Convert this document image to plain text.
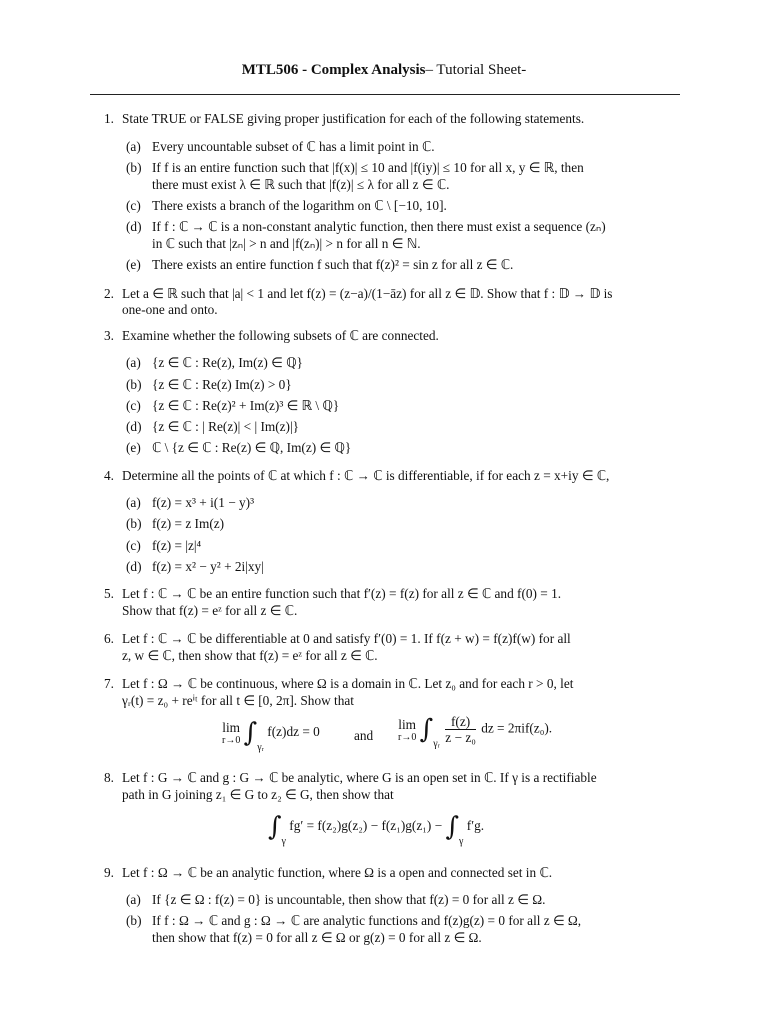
MTL506 - Complex Analysis– Tutorial Sheet-
1. State TRUE or FALSE giving proper justification for each of the following statements.
(a) Every uncountable subset of ℂ has a limit point in ℂ.
(b) If f is an entire function such that |f(x)| ≤ 10 and |f(iy)| ≤ 10 for all x, y ∈ ℝ, then
there must exist λ ∈ ℝ such that |f(z)| ≤ λ for all z ∈ ℂ.
(c) There exists a branch of the logarithm on ℂ \ [−10, 10].
(d) If f : ℂ → ℂ is a non-constant analytic function, then there must exist a sequence (zₙ)
in ℂ such that |zₙ| > n and |f(zₙ)| > n for all n ∈ ℕ.
(e) There exists an entire function f such that f(z)² = sin z for all z ∈ ℂ.
2. Let a ∈ ℝ such that |a| < 1 and let f(z) = (z−a)/(1−āz) for all z ∈ 𝔻. Show that f : 𝔻 → 𝔻 is
one-one and onto.
3. Examine whether the following subsets of ℂ are connected.
(a) {z ∈ ℂ : Re(z), Im(z) ∈ ℚ}
(b) {z ∈ ℂ : Re(z) Im(z) > 0}
(c) {z ∈ ℂ : Re(z)² + Im(z)³ ∈ ℝ \ ℚ}
(d) {z ∈ ℂ : | Re(z)| < | Im(z)|}
(e) ℂ \ {z ∈ ℂ : Re(z) ∈ ℚ, Im(z) ∈ ℚ}
4. Determine all the points of ℂ at which f : ℂ → ℂ is differentiable, if for each z = x+iy ∈ ℂ,
(a) f(z) = x³ + i(1 − y)³
(b) f(z) = z Im(z)
(c) f(z) = |z|⁴
(d) f(z) = x² − y² + 2i|xy|
5. Let f : ℂ → ℂ be an entire function such that f′(z) = f(z) for all z ∈ ℂ and f(0) = 1.
Show that f(z) = eᶻ for all z ∈ ℂ.
6. Let f : ℂ → ℂ be differentiable at 0 and satisfy f′(0) = 1. If f(z + w) = f(z)f(w) for all
z, w ∈ ℂ, then show that f(z) = eᶻ for all z ∈ ℂ.
7. Let f : Ω → ℂ be continuous, where Ω is a domain in ℂ. Let z₀ and for each r > 0, let
γᵣ(t) = z₀ + reⁱᵗ for all t ∈ [0, 2π]. Show that
lim
r→0 $\int_{\gamma ᵣ}$ f(z)dz = 0	and
lim
r→0 $\int_{\gamma ᵣ} \frac{f(z)}{\text{z − z₀}}$ dz = 2πif(z₀).
8. Let f : G → ℂ and g : G → ℂ be analytic, where G is an open set in ℂ. If γ is a rectifiable
path in G joining z₁ ∈ G to z₂ ∈ G, then show that
$\int_\gamma$ $fg' = f(z_2)g(z_2) - f(z_1)g(z_1) - \int_\gamma$ f′g.
9. Let f : Ω → ℂ be an analytic function, where Ω is a open and connected set in ℂ.
(a) If {z ∈ Ω : f(z) = 0} is uncountable, then show that f(z) = 0 for all z ∈ Ω.
(b) If f : Ω → ℂ and g : Ω → ℂ are analytic functions and f(z)g(z) = 0 for all z ∈ Ω,
then show that f(z) = 0 for all z ∈ Ω or g(z) = 0 for all z ∈ Ω.
